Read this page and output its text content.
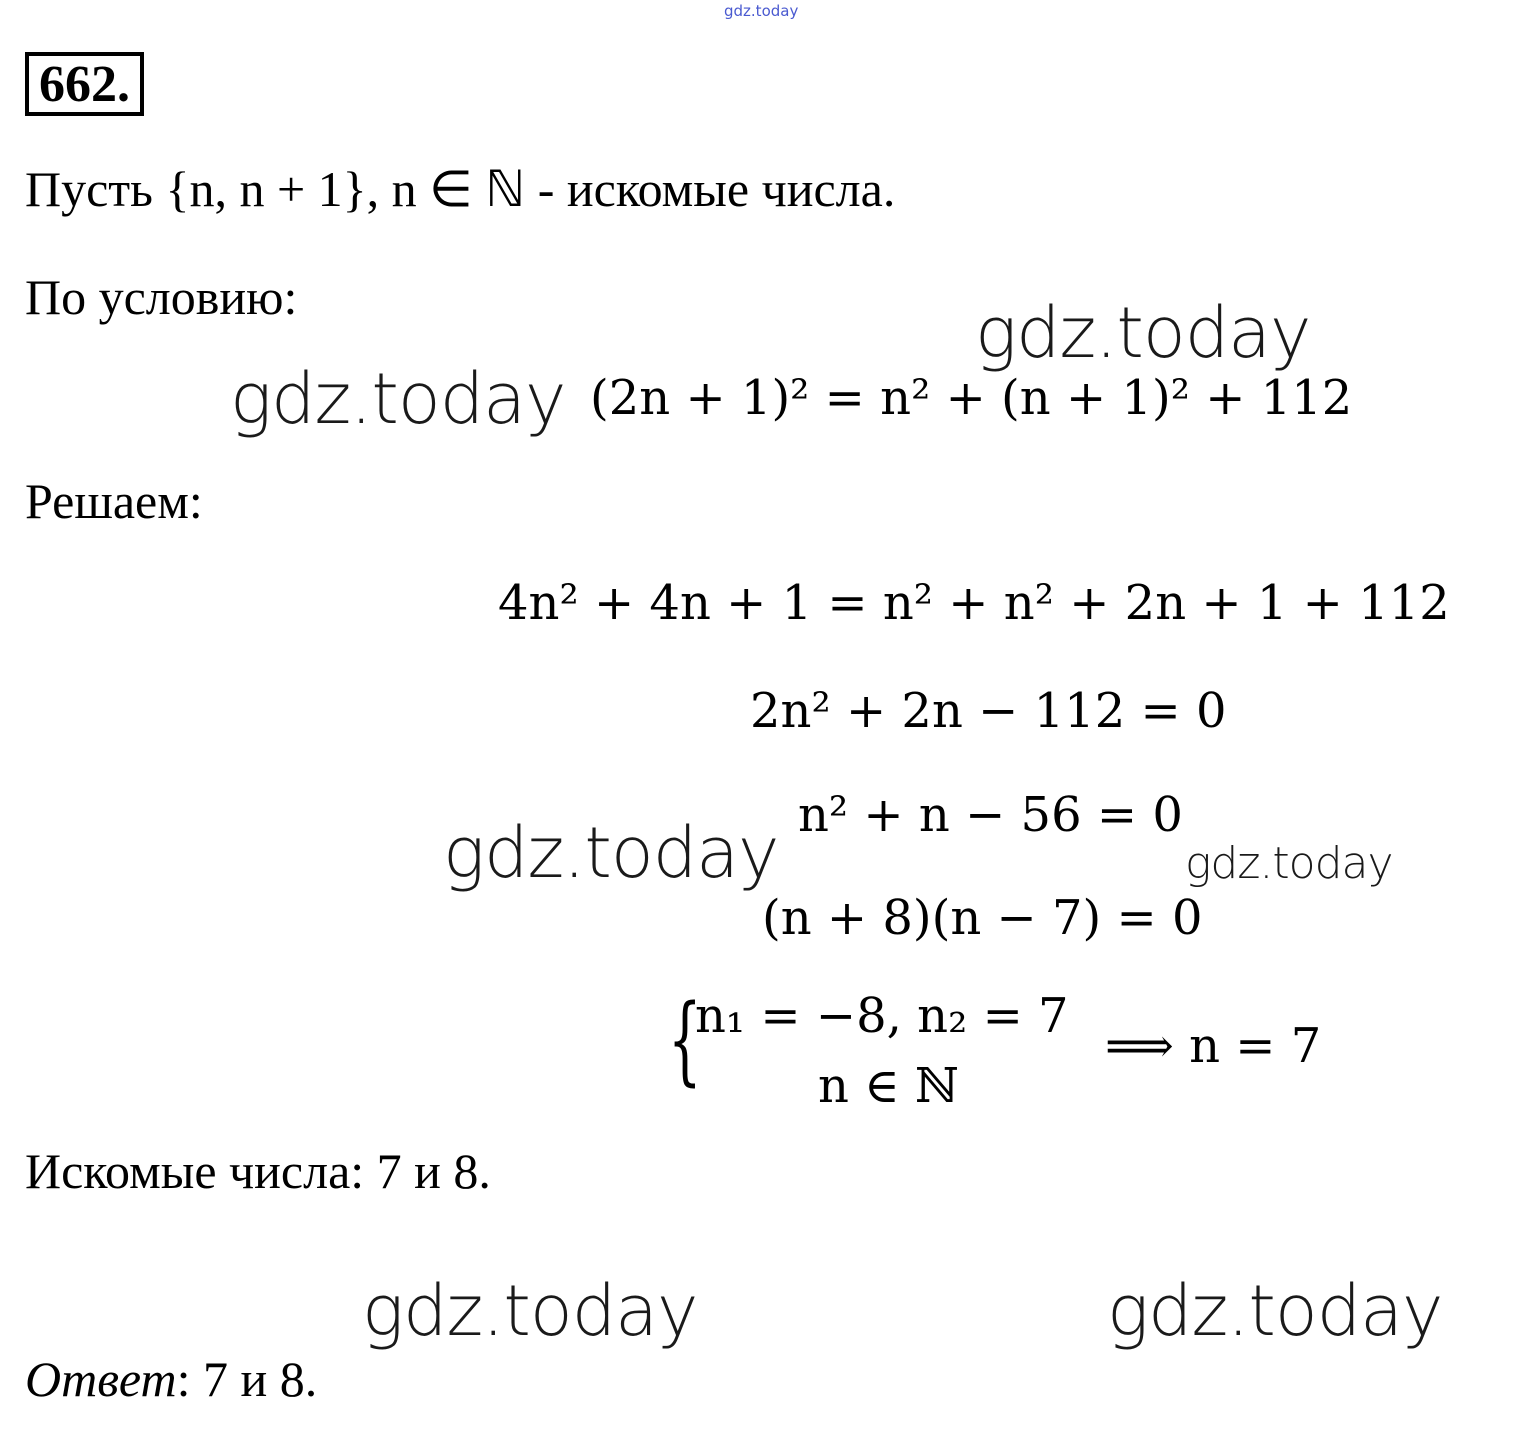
gdz.today
662.
Пусть {n, n + 1}, n ∈ ℕ - искомые числа.
По условию:	gdz.today
gdz.today (2n + 1)² = n² + (n + 1)² + 112
Решаем:
4n² + 4n + 1 = n² + n² + 2n + 1 + 112
2n² + 2n − 112 = 0
n² + n − 56 = 0
gdz.today	gdz.today
(n + 8)(n − 7) = 0
{
n₁ = −8, n₂ = 7
n ∈ ℕ
⟹ n = 7
Искомые числа: 7 и 8.
gdz.today	gdz.today
Ответ: 7 и 8.
